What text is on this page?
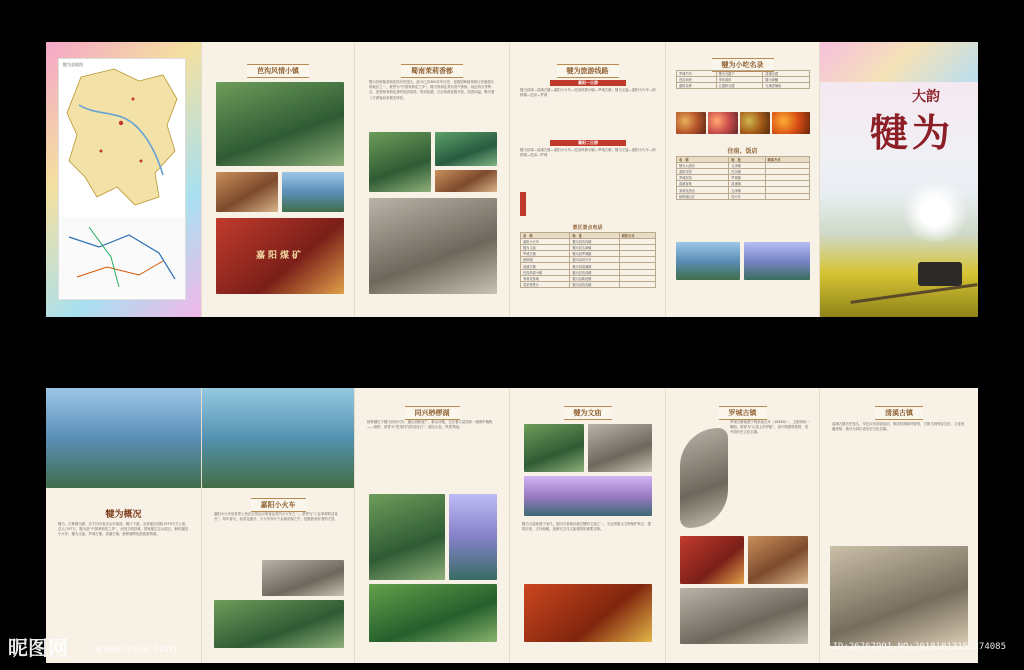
犍为县地图
芭沟风情小镇
嘉阳煤矿
蜀南茉莉香都
犍为县种植茉莉花的历史悠久，距今已有300多年历史，是我国种植茉莉历史最悠久的地区之一，被誉为“中国茉莉花之乡”。犍为茉莉花具有香气浓郁、纯正持久等特点，是窨制茉莉花茶的优质原料。每到花期，万亩茉莉竞相开放，清香四溢，吸引着八方游客前来观光体验。
犍为旅游线路
嘉阳一日游
犍为县城—清溪古镇—嘉阳小火车—芭沟风情小镇—罗城古镇；犍为文庙—嘉阳小火车—桫椤湖—芭沟—罗城
嘉阳二日游
犍为县城—清溪古镇—嘉阳小火车—芭沟风情小镇—罗城古镇；犍为文庙—嘉阳小火车—桫椤湖—芭沟—罗城
景区景点电话
名　称	地　址	联系方式
嘉阳小火车	犍为县芭沟镇	
犍为文庙	犍为县玉津镇	
罗城古镇	犍为县罗城镇	
桫椤湖	犍为县同兴乡	
清溪古镇	犍为县清溪镇	
芭沟风情小镇	犍为县芭沟镇	
茉莉花基地	犍为县新民镇	
菜花观景台	犍为县芭沟镇	
犍为小吃名录
罗城牛肉	犍为豆腐干	清溪豆腐
芭沟米粉	孝姑薄饼	犍为黄鳝
嘉阳烧烤	五通桥豆腐	石溪香辣鱼
住宿、饭店
名　称	地　址	联系方式
犍为大酒店	玉津镇	
嘉阳宾馆	芭沟镇	
罗城宾馆	罗城镇	
清溪客栈	清溪镇	
茉莉花酒店	玉津镇	
桫椤湖山庄	同兴乡	
大韵
犍为
犍为概况
犍为，古称犍为郡，位于四川省乐山市南部，岷江下游。全县辖区面积1375平方公里，总人口57万，犍为是“中国茉莉花之乡”，全国文明县城，国家级生态示范区，拥有嘉阳小火车、犍为文庙、罗城古镇、清溪古镇、桫椤湖等优质旅游资源。
嘉阳小火车
嘉阳小火车是世界上仍在正常运行的客运蒸汽小火车之一，被誉为“工业革命的活化石”。每年春天，油菜花盛开，小火车穿行于金黄花海之中，是摄影爱好者的天堂。
同兴桫椤湖
桫椤湖位于犍为县同兴乡，湖区面积宽广，群山环抱，生长着大量国家一级保护植物——桫椤，被誉为“恐龙时代的活化石”，湖光山色，风景秀丽。
犍为文庙
犍为文庙始建于宋代，是四川省保存最完整的文庙之一，为全国重点文物保护单位，建筑宏伟，古朴典雅，是研究古代文庙建筑的重要实物。
罗城古镇
罗城古镇始建于明崇祯元年（1628年），主街形似一艘船，被誉为“山顶上的旱船”，凉厅街建筑独特，是中国历史文化名镇。
清溪古镇
清溪古镇历史悠久，早在汉代即设县治，明清时期商贸繁荣，古街古巷保存完好，文化底蕴深厚，被评为四川省历史文化名镇。
昵图网 www.nipic.com	ID:26767991 NO:20181013152274085
